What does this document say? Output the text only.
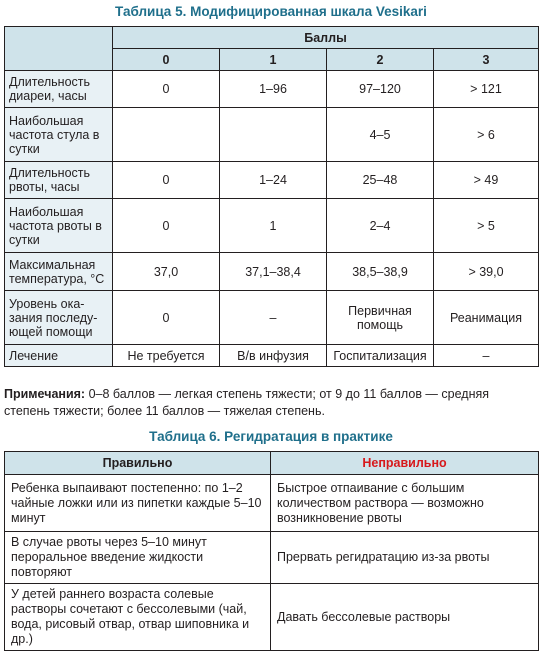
Таблица 5. Модифицированная шкала Vesikari
	Баллы			
	0	1	2	3
Длительность диареи, часы	0	1–96	97–120	> 121
Наибольшая частота стула в сутки			4–5	> 6
Длительность рвоты, часы	0	1–24	25–48	> 49
Наибольшая частота рвоты в сутки	0	1	2–4	> 5
Максимальная температура, °C	37,0	37,1–38,4	38,5–38,9	> 39,0
Уровень ока-зания последу-ющей помощи	0	–	Первичная помощь	Реанимация
Лечение	Не требуется	В/в инфузия	Госпитализация	–
Примечания: 0–8 баллов — легкая степень тяжести; от 9 до 11 баллов — средняя степень тяжести; более 11 баллов — тяжелая степень.
Таблица 6. Регидратация в практике
Правильно	Неправильно
Ребенка выпаивают постепенно: по 1–2 чайные ложки или из пипетки каждые 5–10 минут	Быстрое отпаивание с большим количеством раствора — возможно возникновение рвоты
В случае рвоты через 5–10 минут пероральное введение жидкости повторяют	Прервать регидратацию из-за рвоты
У детей раннего возраста солевые растворы сочетают с бессолевыми (чай, вода, рисовый отвар, отвар шиповника и др.)	Давать бессолевые растворы
